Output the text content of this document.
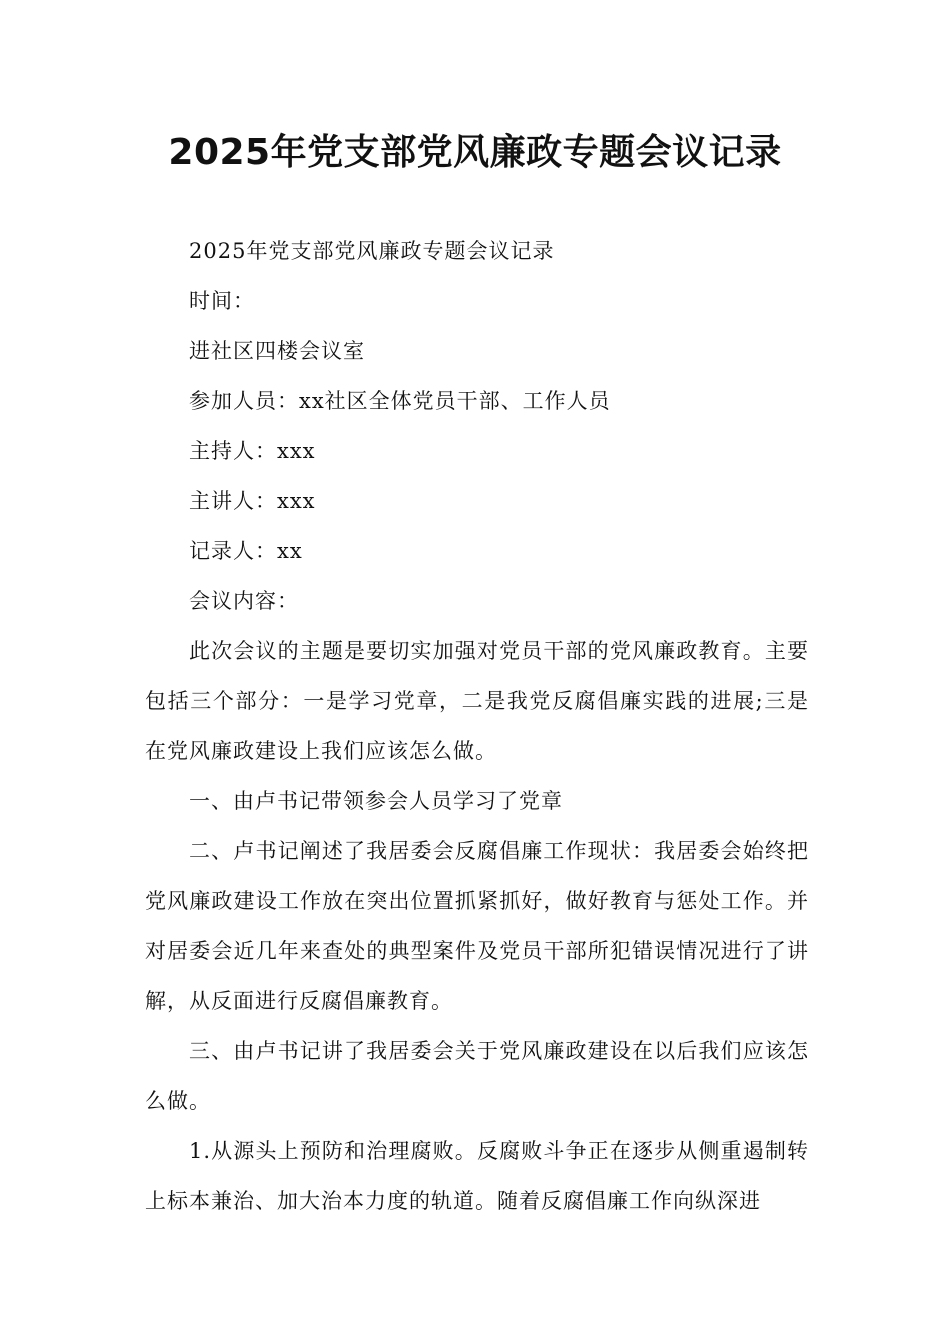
2025年党支部党风廉政专题会议记录

2025年党支部党风廉政专题会议记录

时间：

进社区四楼会议室

参加人员：xx社区全体党员干部、工作人员

主持人：xxx

主讲人：xxx

记录人：xx

会议内容：

此次会议的主题是要切实加强对党员干部的党风廉政教育。主要包括三个部分：一是学习党章，二是我党反腐倡廉实践的进展;三是在党风廉政建设上我们应该怎么做。

一、由卢书记带领参会人员学习了党章

二、卢书记阐述了我居委会反腐倡廉工作现状：我居委会始终把党风廉政建设工作放在突出位置抓紧抓好，做好教育与惩处工作。并对居委会近几年来查处的典型案件及党员干部所犯错误情况进行了讲解，从反面进行反腐倡廉教育。

三、由卢书记讲了我居委会关于党风廉政建设在以后我们应该怎么做。

1.从源头上预防和治理腐败。反腐败斗争正在逐步从侧重遏制转上标本兼治、加大治本力度的轨道。随着反腐倡廉工作向纵深进
